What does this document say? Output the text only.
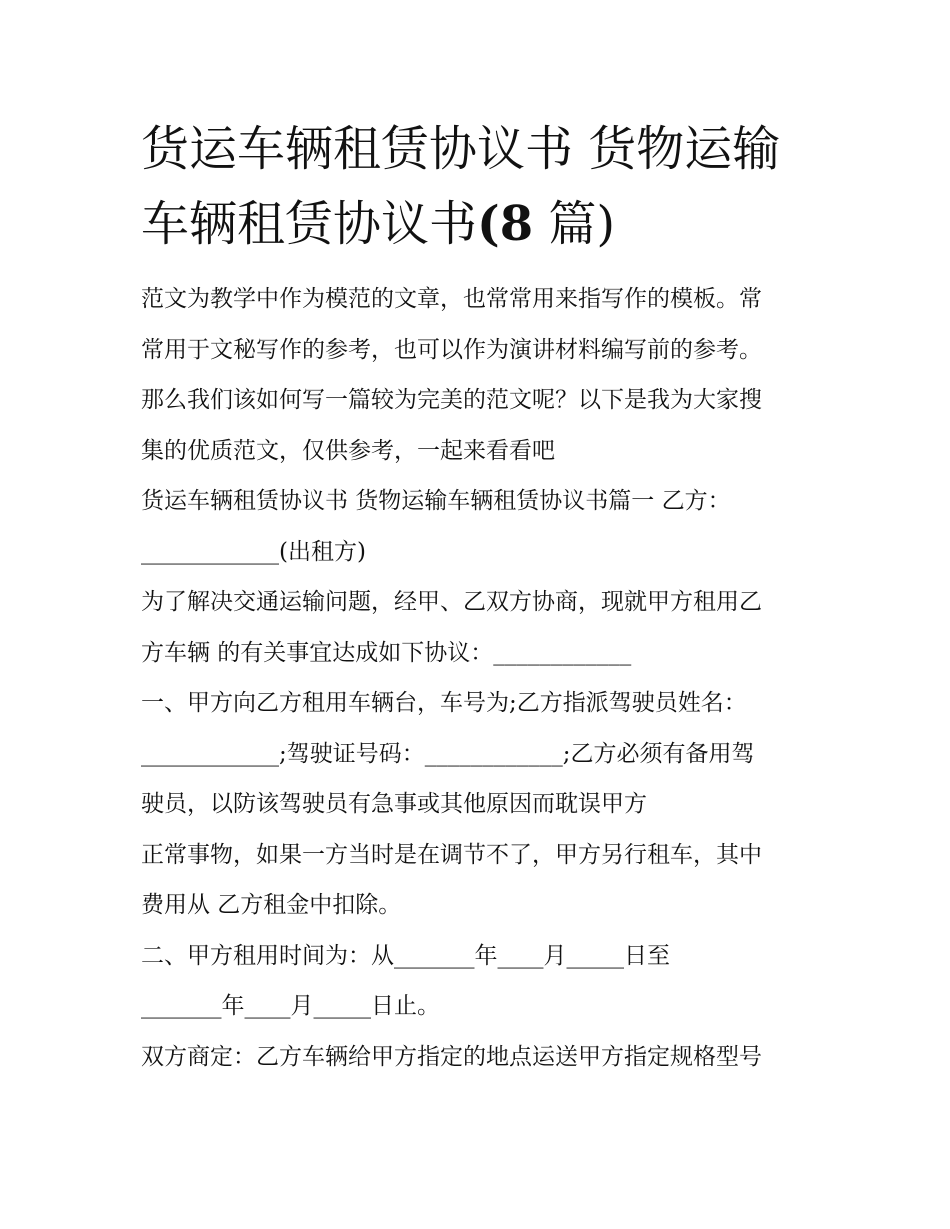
货运车辆租赁协议书 货物运输
车辆租赁协议书(8 篇)

范文为教学中作为模范的文章，也常常用来指写作的模板。常

常用于文秘写作的参考，也可以作为演讲材料编写前的参考。

那么我们该如何写一篇较为完美的范文呢？以下是我为大家搜

集的优质范文，仅供参考，一起来看看吧

货运车辆租赁协议书 货物运输车辆租赁协议书篇一 乙方：

____________(出租方)

为了解决交通运输问题，经甲、乙双方协商，现就甲方租用乙

方车辆 的有关事宜达成如下协议：____________

一、甲方向乙方租用车辆台，车号为;乙方指派驾驶员姓名：

____________;驾驶证号码：____________;乙方必须有备用驾

驶员，以防该驾驶员有急事或其他原因而耽误甲方

正常事物，如果一方当时是在调节不了，甲方另行租车，其中

费用从 乙方租金中扣除。

二、甲方租用时间为：从_______年____月_____日至

_______年____月_____日止。

双方商定：乙方车辆给甲方指定的地点运送甲方指定规格型号
